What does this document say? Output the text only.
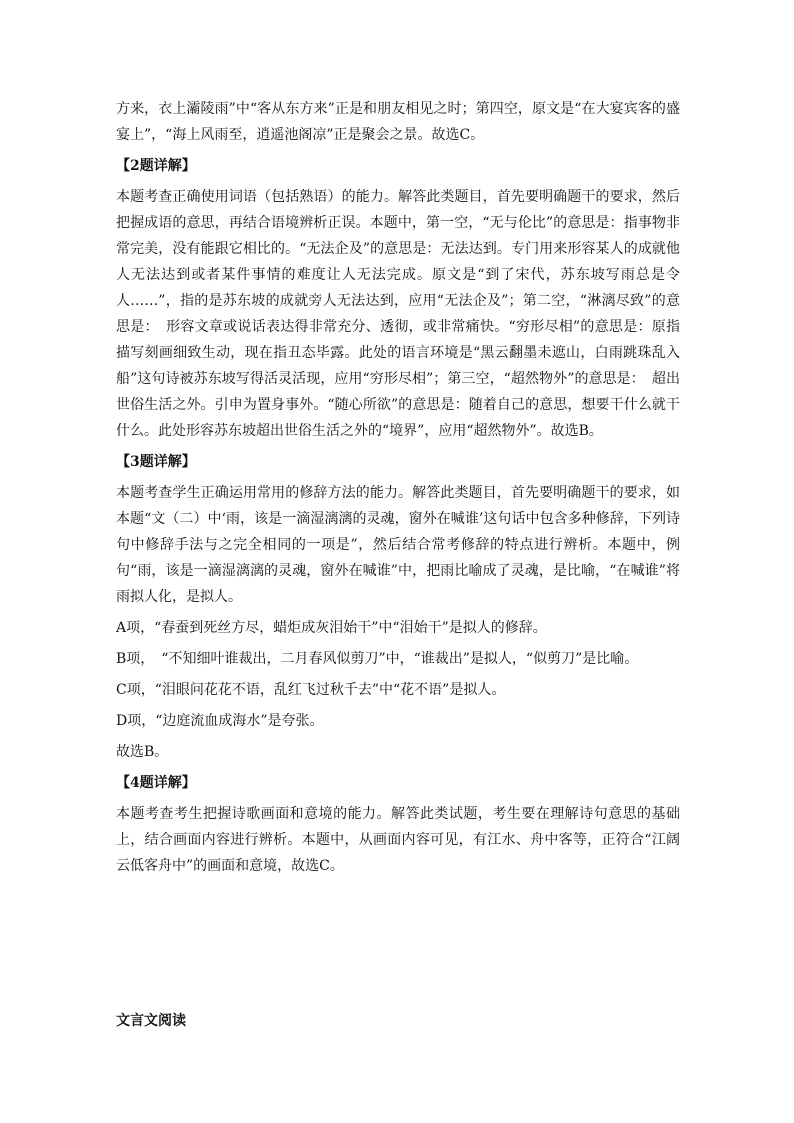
方来，衣上灞陵雨”中“客从东方来”正是和朋友相见之时；第四空，原文是“在大宴宾客的盛宴上”，“海上风雨至，逍遥池阁凉”正是聚会之景。故选C。

【2题详解】

本题考查正确使用词语（包括熟语）的能力。解答此类题目，首先要明确题干的要求，然后把握成语的意思，再结合语境辨析正误。本题中，第一空，“无与伦比”的意思是：指事物非常完美，没有能跟它相比的。“无法企及”的意思是：无法达到。专门用来形容某人的成就他人无法达到或者某件事情的难度让人无法完成。原文是“到了宋代，苏东坡写雨总是令人……”，指的是苏东坡的成就旁人无法达到，应用“无法企及”；第二空，“淋漓尽致”的意思是：　形容文章或说话表达得非常充分、透彻，或非常痛快。“穷形尽相”的意思是：原指描写刻画细致生动，现在指丑态毕露。此处的语言环境是“黑云翻墨未遮山，白雨跳珠乱入船”这句诗被苏东坡写得活灵活现，应用“穷形尽相”；第三空，“超然物外”的意思是：　超出世俗生活之外。引申为置身事外。“随心所欲”的意思是：随着自己的意思，想要干什么就干什么。此处形容苏东坡超出世俗生活之外的“境界”，应用“超然物外”。故选B。

【3题详解】

本题考查学生正确运用常用的修辞方法的能力。解答此类题目，首先要明确题干的要求，如本题“文（二）中‘雨，该是一滴湿漓漓的灵魂，窗外在喊谁’这句话中包含多种修辞，下列诗句中修辞手法与之完全相同的一项是”，然后结合常考修辞的特点进行辨析。本题中，例句“雨，该是一滴湿漓漓的灵魂，窗外在喊谁”中，把雨比喻成了灵魂，是比喻，“在喊谁”将雨拟人化，是拟人。

A项，“春蚕到死丝方尽，蜡炬成灰泪始干”中“泪始干”是拟人的修辞。

B项，　“不知细叶谁裁出，二月春风似剪刀”中，“谁裁出”是拟人，“似剪刀”是比喻。

C项，“泪眼问花花不语，乱红飞过秋千去”中“花不语”是拟人。

D项，“边庭流血成海水”是夸张。

故选B。

【4题详解】

本题考查考生把握诗歌画面和意境的能力。解答此类试题，考生要在理解诗句意思的基础上，结合画面内容进行辨析。本题中，从画面内容可见，有江水、舟中客等，正符合“江阔云低客舟中”的画面和意境，故选C。

文言文阅读
